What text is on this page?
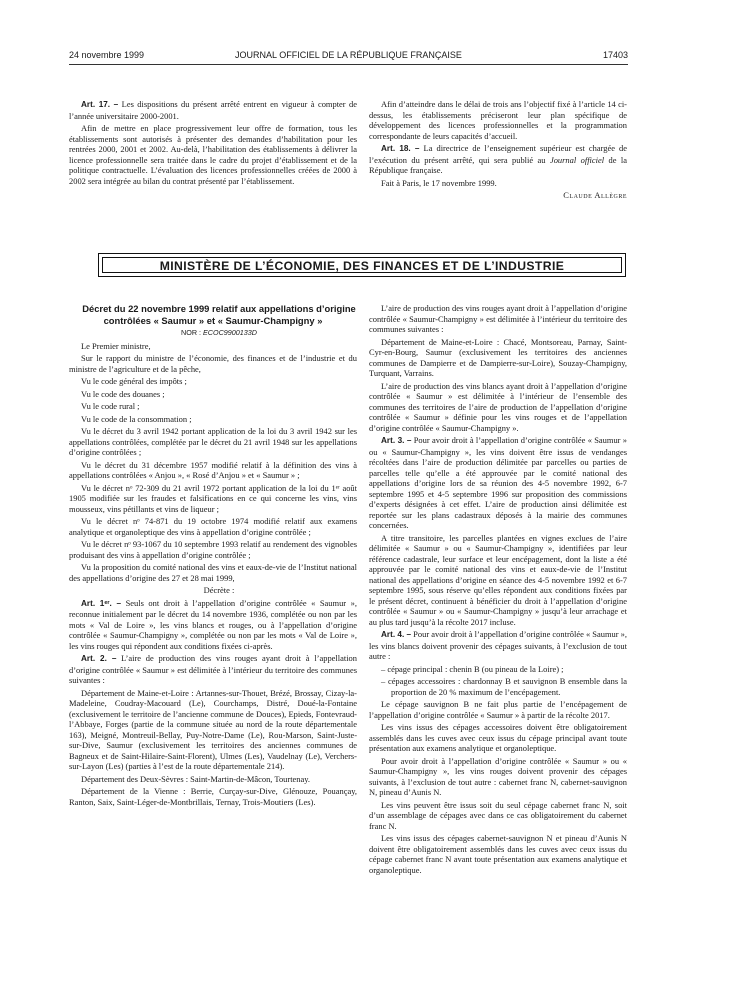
24 novembre 1999	JOURNAL OFFICIEL DE LA RÉPUBLIQUE FRANÇAISE	17403

Art. 17. – Les dispositions du présent arrêté entrent en vigueur à compter de l’année universitaire 2000-2001.

Afin de mettre en place progressivement leur offre de formation, tous les établissements sont autorisés à présenter des demandes d’habilitation pour les rentrées 2000, 2001 et 2002. Au-delà, l’habilitation des établissements à délivrer la licence professionnelle sera traitée dans le cadre du projet d’établissement et de la politique contractuelle. L’évaluation des licences professionnelles créées de 2000 à 2002 sera intégrée au bilan du contrat présenté par l’établissement.

Afin d’atteindre dans le délai de trois ans l’objectif fixé à l’article 14 ci-dessus, les établissements préciseront leur plan spécifique de développement des licences professionnelles et la programmation correspondante de leurs capacités d’accueil.

Art. 18. – La directrice de l’enseignement supérieur est chargée de l’exécution du présent arrêté, qui sera publié au Journal officiel de la République française.

Fait à Paris, le 17 novembre 1999.

Claude Allègre
MINISTÈRE DE L’ÉCONOMIE, DES FINANCES ET DE L’INDUSTRIE

Décret du 22 novembre 1999 relatif aux appellations d’origine contrôlées « Saumur » et « Saumur-Champigny »

NOR : ECOC9900133D

Le Premier ministre,

Sur le rapport du ministre de l’économie, des finances et de l’industrie et du ministre de l’agriculture et de la pêche,

Vu le code général des impôts ;

Vu le code des douanes ;

Vu le code rural ;

Vu le code de la consommation ;

Vu le décret du 3 avril 1942 portant application de la loi du 3 avril 1942 sur les appellations contrôlées, complétée par le décret du 21 avril 1948 sur les appellations d’origine contrôlées ;

Vu le décret du 31 décembre 1957 modifié relatif à la définition des vins à appellations contrôlées « Anjou », « Rosé d’Anjou » et « Saumur » ;

Vu le décret nᵒ 72-309 du 21 avril 1972 portant application de la loi du 1ᵉʳ août 1905 modifiée sur les fraudes et falsifications en ce qui concerne les vins, vins mousseux, vins pétillants et vins de liqueur ;

Vu le décret nᵒ 74-871 du 19 octobre 1974 modifié relatif aux examens analytique et organoleptique des vins à appellation d’origine contrôlée ;

Vu le décret nᵒ 93-1067 du 10 septembre 1993 relatif au rendement des vignobles produisant des vins à appellation d’origine contrôlée ;

Vu la proposition du comité national des vins et eaux-de-vie de l’Institut national des appellations d’origine des 27 et 28 mai 1999,

Décrète :

Art. 1ᵉʳ. – Seuls ont droit à l’appellation d’origine contrôlée « Saumur », reconnue initialement par le décret du 14 novembre 1936, complétée ou non par les mots « Val de Loire », les vins blancs et rouges, ou à l’appellation d’origine contrôlée « Saumur-Champigny », complétée ou non par les mots « Val de Loire », les vins rouges qui répondent aux conditions fixées ci-après.

Art. 2. – L’aire de production des vins rouges ayant droit à l’appellation d’origine contrôlée « Saumur » est délimitée à l’intérieur du territoire des communes suivantes :

Département de Maine-et-Loire : Artannes-sur-Thouet, Brézé, Brossay, Cizay-la-Madeleine, Coudray-Macouard (Le), Courchamps, Distré, Doué-la-Fontaine (exclusivement le territoire de l’ancienne commune de Douces), Epieds, Fontevraud-l’Abbaye, Forges (partie de la commune située au nord de la route départementale 163), Meigné, Montreuil-Bellay, Puy-Notre-Dame (Le), Rou-Marson, Saint-Juste-sur-Dive, Saumur (exclusivement les territoires des anciennes communes de Bagneux et de Saint-Hilaire-Saint-Florent), Ulmes (Les), Vaudelnay (Le), Verchers-sur-Layon (Les) (parties à l’est de la route départementale 214).

Département des Deux-Sèvres : Saint-Martin-de-Mâcon, Tourtenay.

Département de la Vienne : Berrie, Curçay-sur-Dive, Glénouze, Pouançay, Ranton, Saix, Saint-Léger-de-Montbrillais, Ternay, Trois-Moutiers (Les).

L’aire de production des vins rouges ayant droit à l’appellation d’origine contrôlée « Saumur-Champigny » est délimitée à l’intérieur du territoire des communes suivantes :

Département de Maine-et-Loire : Chacé, Montsoreau, Parnay, Saint-Cyr-en-Bourg, Saumur (exclusivement les territoires des anciennes communes de Dampierre et de Dampierre-sur-Loire), Souzay-Champigny, Turquant, Varrains.

L’aire de production des vins blancs ayant droit à l’appellation d’origine contrôlée « Saumur » est délimitée à l’intérieur de l’ensemble des communes des territoires de l’aire de production de l’appellation d’origine contrôlée « Saumur » définie pour les vins rouges et de l’appellation d’origine contrôlée « Saumur-Champigny ».

Art. 3. – Pour avoir droit à l’appellation d’origine contrôlée « Saumur » ou « Saumur-Champigny », les vins doivent être issus de vendanges récoltées dans l’aire de production délimitée par parcelles ou parties de parcelles telle qu’elle a été approuvée par le comité national des appellations d’origine lors de sa réunion des 4-5 novembre 1992, 6-7 septembre 1995 et 4-5 septembre 1996 sur proposition des commissions d’experts désignées à cet effet. L’aire de production ainsi délimitée est reportée sur les plans cadastraux déposés à la mairie des communes concernées.

A titre transitoire, les parcelles plantées en vignes exclues de l’aire délimitée « Saumur » ou « Saumur-Champigny », identifiées par leur référence cadastrale, leur surface et leur encépagement, dont la liste a été approuvée par le comité national des vins et eaux-de-vie de l’Institut national des appellations d’origine en séance des 4-5 novembre 1992 et 6-7 septembre 1995, sous réserve qu’elles répondent aux conditions fixées par le présent décret, continuent à bénéficier du droit à l’appellation d’origine contrôlée « Saumur » ou « Saumur-Champigny » jusqu’à leur arrachage et au plus tard jusqu’à la récolte 2017 incluse.

Art. 4. – Pour avoir droit à l’appellation d’origine contrôlée « Saumur », les vins blancs doivent provenir des cépages suivants, à l’exclusion de tout autre :

– cépage principal : chenin B (ou pineau de la Loire) ;

– cépages accessoires : chardonnay B et sauvignon B ensemble dans la proportion de 20 % maximum de l’encépagement.

Le cépage sauvignon B ne fait plus partie de l’encépagement de l’appellation d’origine contrôlée « Saumur » à partir de la récolte 2017.

Les vins issus des cépages accessoires doivent être obligatoirement assemblés dans les cuves avec ceux issus du cépage principal avant toute présentation aux examens analytique et organoleptique.

Pour avoir droit à l’appellation d’origine contrôlée « Saumur » ou « Saumur-Champigny », les vins rouges doivent provenir des cépages suivants, à l’exclusion de tout autre : cabernet franc N, cabernet-sauvignon N, pineau d’Aunis N.

Les vins peuvent être issus soit du seul cépage cabernet franc N, soit d’un assemblage de cépages avec dans ce cas obligatoirement du cabernet franc N.

Les vins issus des cépages cabernet-sauvignon N et pineau d’Aunis N doivent être obligatoirement assemblés dans les cuves avec ceux issus du cépage cabernet franc N avant toute présentation aux examens analytique et organoleptique.
